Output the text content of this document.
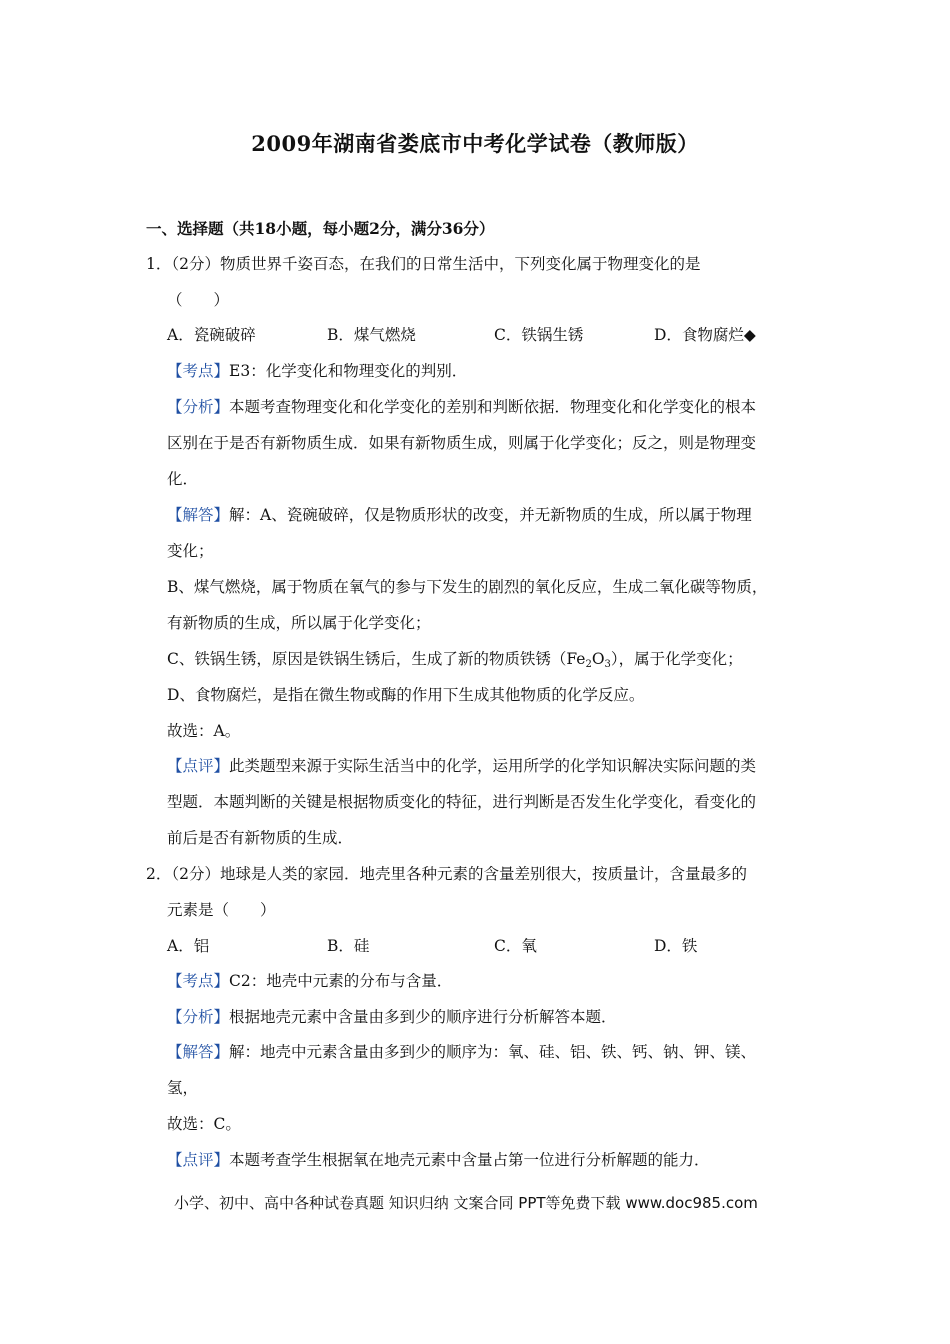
2009年湖南省娄底市中考化学试卷（教师版）
一、选择题（共18小题，每小题2分，满分36分）
1．（2分）物质世界千姿百态，在我们的日常生活中，下列变化属于物理变化的是
（　　）
A．瓷碗破碎	B．煤气燃烧	C．铁锅生锈	D．食物腐烂◆
【考点】E3：化学变化和物理变化的判别．
【分析】本题考查物理变化和化学变化的差别和判断依据．物理变化和化学变化的根本
区别在于是否有新物质生成．如果有新物质生成，则属于化学变化；反之，则是物理变
化．
【解答】解：A、瓷碗破碎，仅是物质形状的改变，并无新物质的生成，所以属于物理
变化；
B、煤气燃烧，属于物质在氧气的参与下发生的剧烈的氧化反应，生成二氧化碳等物质，
有新物质的生成，所以属于化学变化；
C、铁锅生锈，原因是铁锅生锈后，生成了新的物质铁锈$(Fe_2O_3)$，属于化学变化；
D、食物腐烂，是指在微生物或酶的作用下生成其他物质的化学反应。
故选：A。
【点评】此类题型来源于实际生活当中的化学，运用所学的化学知识解决实际问题的类
型题．本题判断的关键是根据物质变化的特征，进行判断是否发生化学变化，看变化的
前后是否有新物质的生成．
2．（2分）地球是人类的家园．地壳里各种元素的含量差别很大，按质量计，含量最多的
元素是（　　）
A．铝	B．硅	C．氧	D．铁
【考点】C2：地壳中元素的分布与含量．
【分析】根据地壳元素中含量由多到少的顺序进行分析解答本题．
【解答】解：地壳中元素含量由多到少的顺序为：氧、硅、铝、铁、钙、钠、钾、镁、
氢，
故选：C。
【点评】本题考查学生根据氧在地壳元素中含量占第一位进行分析解题的能力．
小学、初中、高中各种试卷真题 知识归纳 文案合同 PPT等免费下载 www.doc985.com
